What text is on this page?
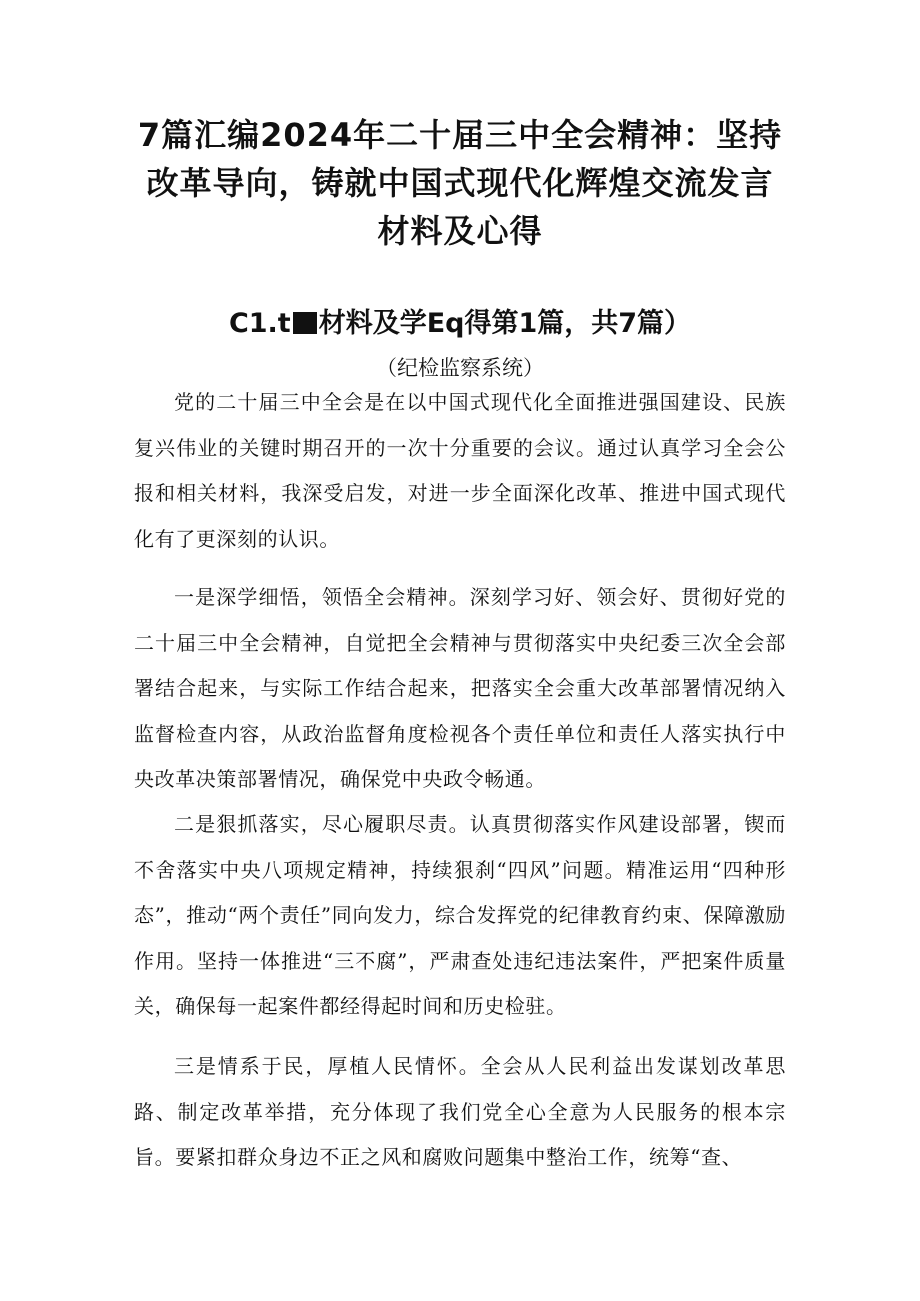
7篇汇编2024年二十届三中全会精神：坚持
改革导向，铸就中国式现代化辉煌交流发言
材料及心得
C1.t 材料及学Eq得第1篇，共7篇）

（纪检监察系统）

党的二十届三中全会是在以中国式现代化全面推进强国建设、民族复兴伟业的关键时期召开的一次十分重要的会议。通过认真学习全会公报和相关材料，我深受启发，对进一步全面深化改革、推进中国式现代化有了更深刻的认识。

一是深学细悟，领悟全会精神。深刻学习好、领会好、贯彻好党的二十届三中全会精神，自觉把全会精神与贯彻落实中央纪委三次全会部署结合起来，与实际工作结合起来，把落实全会重大改革部署情况纳入监督检查内容，从政治监督角度检视各个责任单位和责任人落实执行中央改革决策部署情况，确保党中央政令畅通。

二是狠抓落实，尽心履职尽责。认真贯彻落实作风建设部署，锲而不舍落实中央八项规定精神，持续狠刹“四风”问题。精准运用“四种形态”，推动“两个责任”同向发力，综合发挥党的纪律教育约束、保障激励作用。坚持一体推进“三不腐”，严肃查处违纪违法案件，严把案件质量关，确保每一起案件都经得起时间和历史检驻。

三是情系于民，厚植人民情怀。全会从人民利益出发谋划改革思路、制定改革举措，充分体现了我们党全心全意为人民服务的根本宗旨。要紧扣群众身边不正之风和腐败问题集中整治工作，统筹“查、
